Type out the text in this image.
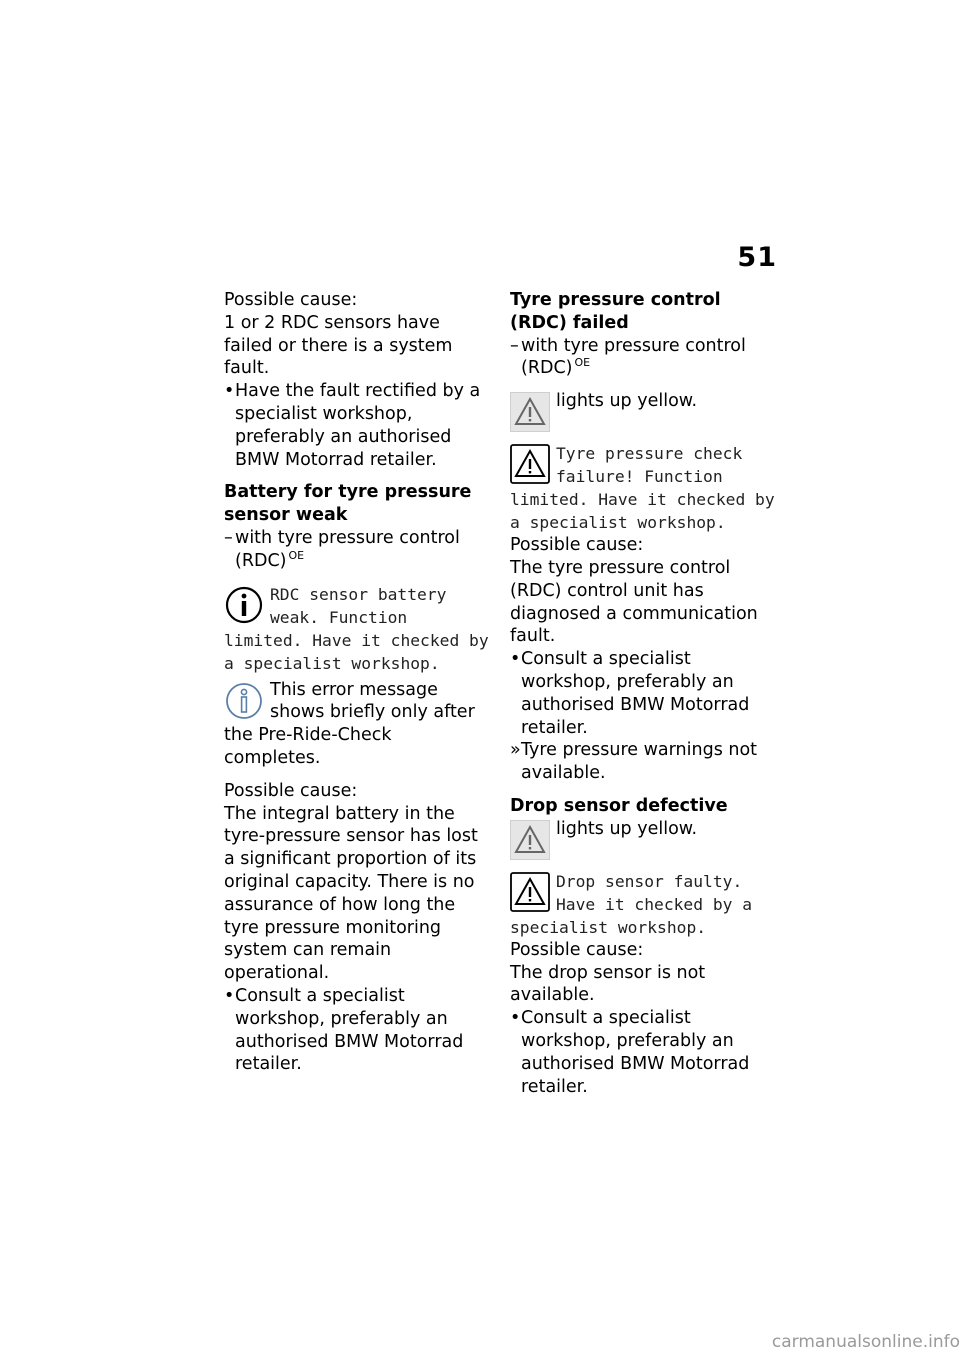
51

Possible cause:

1 or 2 RDC sensors have failed or there is a system fault.

• Have the fault rectified by a specialist workshop, preferably an authorised BMW Motorrad retailer.
Battery for tyre pressure sensor weak
– with tyre pressure control (RDC) $^{OE}$

RDC sensor battery weak. Function limited. Have it checked by a specialist workshop.

This error message shows briefly only after the Pre-Ride-Check completes.

Possible cause:

The integral battery in the tyre-pressure sensor has lost a significant proportion of its original capacity. There is no assurance of how long the tyre pressure monitoring system can remain operational.

• Consult a specialist workshop, preferably an authorised BMW Motorrad retailer.
Tyre pressure control (RDC) failed
– with tyre pressure control (RDC) $^{OE}$

lights up yellow.

Tyre pressure check failure! Function limited. Have it checked by a specialist workshop.

Possible cause:

The tyre pressure control (RDC) control unit has diagnosed a communication fault.

• Consult a specialist workshop, preferably an authorised BMW Motorrad retailer.
» Tyre pressure warnings not available.
Drop sensor defective

lights up yellow.

Drop sensor faulty. Have it checked by a specialist workshop.

Possible cause:

The drop sensor is not available.

• Consult a specialist workshop, preferably an authorised BMW Motorrad retailer.
carmanualsonline.info
